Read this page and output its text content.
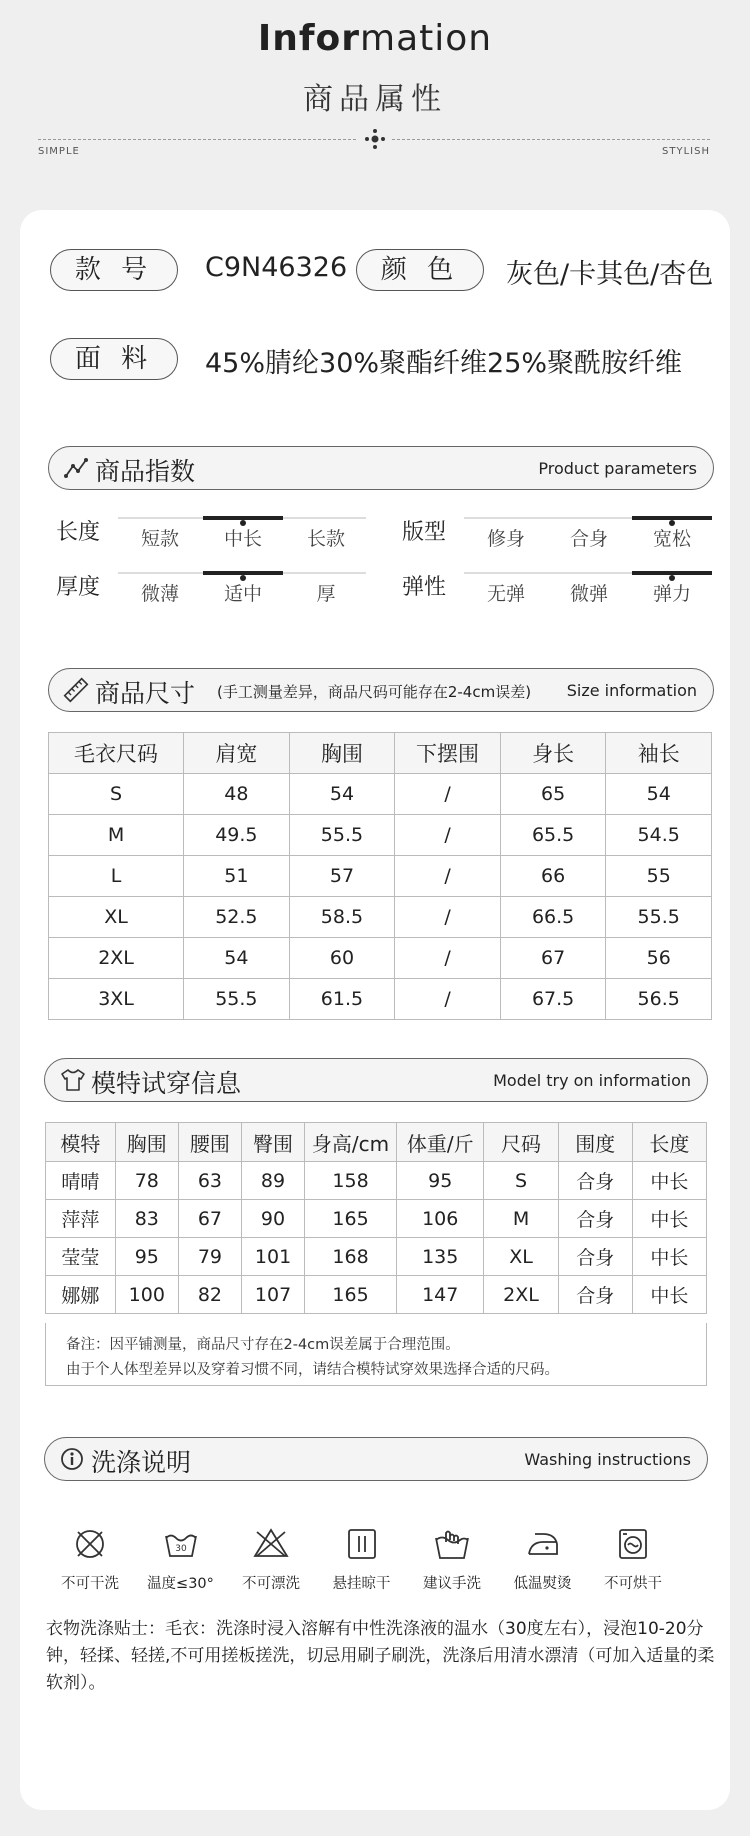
Information
商品属性
SIMPLE	STYLISH
款 号	C9N46326	颜 色	灰色/卡其色/杏色
面 料	45%腈纶30%聚酯纤维25%聚酰胺纤维
商品指数	Product parameters
长度	短款	中长	长款	版型	修身	合身	宽松
厚度	微薄	适中	厚	弹性	无弹	微弹	弹力
商品尺寸 (手工测量差异，商品尺码可能存在2-4cm误差) Size information
毛衣尺码	肩宽	胸围	下摆围	身长	袖长
S	48	54	/	65	54
M	49.5	55.5	/	65.5	54.5
L	51	57	/	66	55
XL	52.5	58.5	/	66.5	55.5
2XL	54	60	/	67	56
3XL	55.5	61.5	/	67.5	56.5
模特试穿信息	Model try on information
模特	胸围	腰围	臀围	身高/cm	体重/斤	尺码	围度	长度
晴晴	78	63	89	158	95	S	合身	中长
萍萍	83	67	90	165	106	M	合身	中长
莹莹	95	79	101	168	135	XL	合身	中长
娜娜	100	82	107	165	147	2XL	合身	中长
备注：因平铺测量，商品尺寸存在2-4cm误差属于合理范围。
由于个人体型差异以及穿着习惯不同，请结合模特试穿效果选择合适的尺码。
洗涤说明	Washing instructions
不可干洗
30
温度≤30°	不可漂洗	悬挂晾干	建议手洗	低温熨烫	不可烘干
衣物洗涤贴士：毛衣：洗涤时浸入溶解有中性洗涤液的温水（30度左右），浸泡10-20分钟，轻揉、轻搓,不可用搓板搓洗，切忌用刷子刷洗，洗涤后用清水漂清（可加入适量的柔软剂）。
